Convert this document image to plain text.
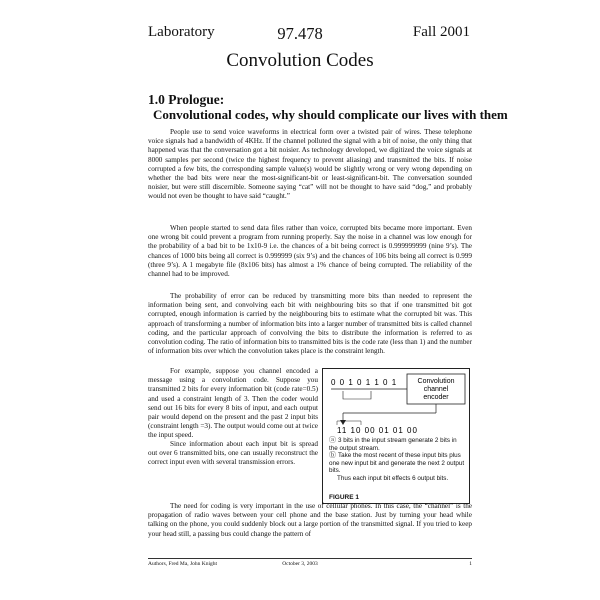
Laboratory	97.478	Fall 2001
Convolution Codes
1.0 Prologue:
Convolutional codes, why should complicate our lives with them

People use to send voice waveforms in electrical form over a twisted pair of wires. These telephone voice signals had a bandwidth of 4KHz. If the channel polluted the signal with a bit of noise, the only thing that happened was that the conversation got a bit noisier. As technology developed, we digitized the voice signals at 8000 samples per second (twice the highest frequency to prevent aliasing) and transmitted the bits. If noise corrupted a few bits, the corresponding sample value(s) would be slightly wrong or very wrong depending on whether the bad bits were near the most-significant-bit or least-significant-bit. The conversation sounded noisier, but were still discernible. Someone saying “cat” will not be thought to have said “dog,” and probably would not even be thought to have said “caught.”

When people started to send data files rather than voice, corrupted bits became more important. Even one wrong bit could prevent a program from running properly. Say the noise in a channel was low enough for the probability of a bad bit to be 1x10-9 i.e. the chances of a bit being correct is 0.999999999 (nine 9’s). The chances of 1000 bits being all correct is 0.999999 (six 9’s) and the chances of 106 bits being all correct is 0.999 (three 9’s). A 1 megabyte file (8x106 bits) has almost a 1% chance of being corrupted. The reliability of the channel had to be improved.

The probability of error can be reduced by transmitting more bits than needed to represent the information being sent, and convolving each bit with neighbouring bits so that if one transmitted bit got corrupted, enough information is carried by the neighbouring bits to estimate what the corrupted bit was. This approach of transforming a number of information bits into a larger number of transmitted bits is called channel coding, and the particular approach of convolving the bits to distribute the information is referred to as convolution coding. The ratio of information bits to transmitted bits is the code rate (less than 1) and the number of information bits over which the convolution takes place is the constraint length.

For example, suppose you channel encoded a message using a convolution code. Suppose you transmitted 2 bits for every information bit (code rate=0.5) and used a constraint length of 3. Then the coder would send out 16 bits for every 8 bits of input, and each output pair would depend on the present and the past 2 input bits (constraint length =3). The output would come out at twice the input speed.

Since information about each input bit is spread out over 6 transmitted bits, one can usually reconstruct the correct input even with several transmission errors.

0 0 1 0 1 1 0 1	Convolution
channel
encoder
11 10 00 01 01 00
ⓐ 3 bits in the input stream generate 2 bits in the output stream.
ⓑ Take the most recent of these input bits plus one new input bit and generate the next 2 output bits.
Thus each input bit effects 6 output bits.
FIGURE 1

The need for coding is very important in the use of cellular phones. In this case, the “channel” is the propagation of radio waves between your cell phone and the base station. Just by turning your head while talking on the phone, you could suddenly block out a large portion of the transmitted signal. If you tried to keep your head still, a passing bus could change the pattern of

Authors, Fred Ma, John Knight	October 3, 2003	1
